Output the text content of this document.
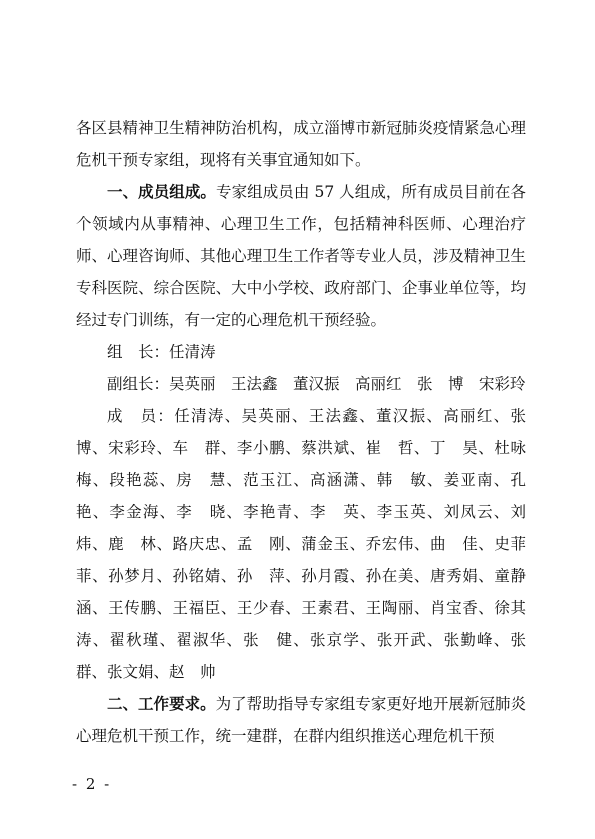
各区县精神卫生精神防治机构，成立淄博市新冠肺炎疫情紧急心理危机干预专家组，现将有关事宜通知如下。

一、成员组成。专家组成员由 57 人组成，所有成员目前在各个领域内从事精神、心理卫生工作，包括精神科医师、心理治疗师、心理咨询师、其他心理卫生工作者等专业人员，涉及精神卫生专科医院、综合医院、大中小学校、政府部门、企事业单位等，均经过专门训练，有一定的心理危机干预经验。

组　长：任清涛

副组长：吴英丽　王法鑫　董汉振　高丽红　张　博　宋彩玲

成　员：任清涛、吴英丽、王法鑫、董汉振、高丽红、张　博、宋彩玲、车　群、李小鹏、蔡洪斌、崔　哲、丁　昊、杜咏梅、段艳蕊、房　慧、范玉江、高涵潇、韩　敏、姜亚南、孔　艳、李金海、李　晓、李艳青、李　英、李玉英、刘凤云、刘　炜、鹿　林、路庆忠、孟　刚、蒲金玉、乔宏伟、曲　佳、史菲菲、孙梦月、孙铭婧、孙　萍、孙月霞、孙在美、唐秀娟、童静涵、王传鹏、王福臣、王少春、王素君、王陶丽、肖宝香、徐其涛、翟秋瑾、翟淑华、张　健、张京学、张开武、张勤峰、张　群、张文娟、赵　帅

二、工作要求。为了帮助指导专家组专家更好地开展新冠肺炎心理危机干预工作，统一建群，在群内组织推送心理危机干预

- 2 -
